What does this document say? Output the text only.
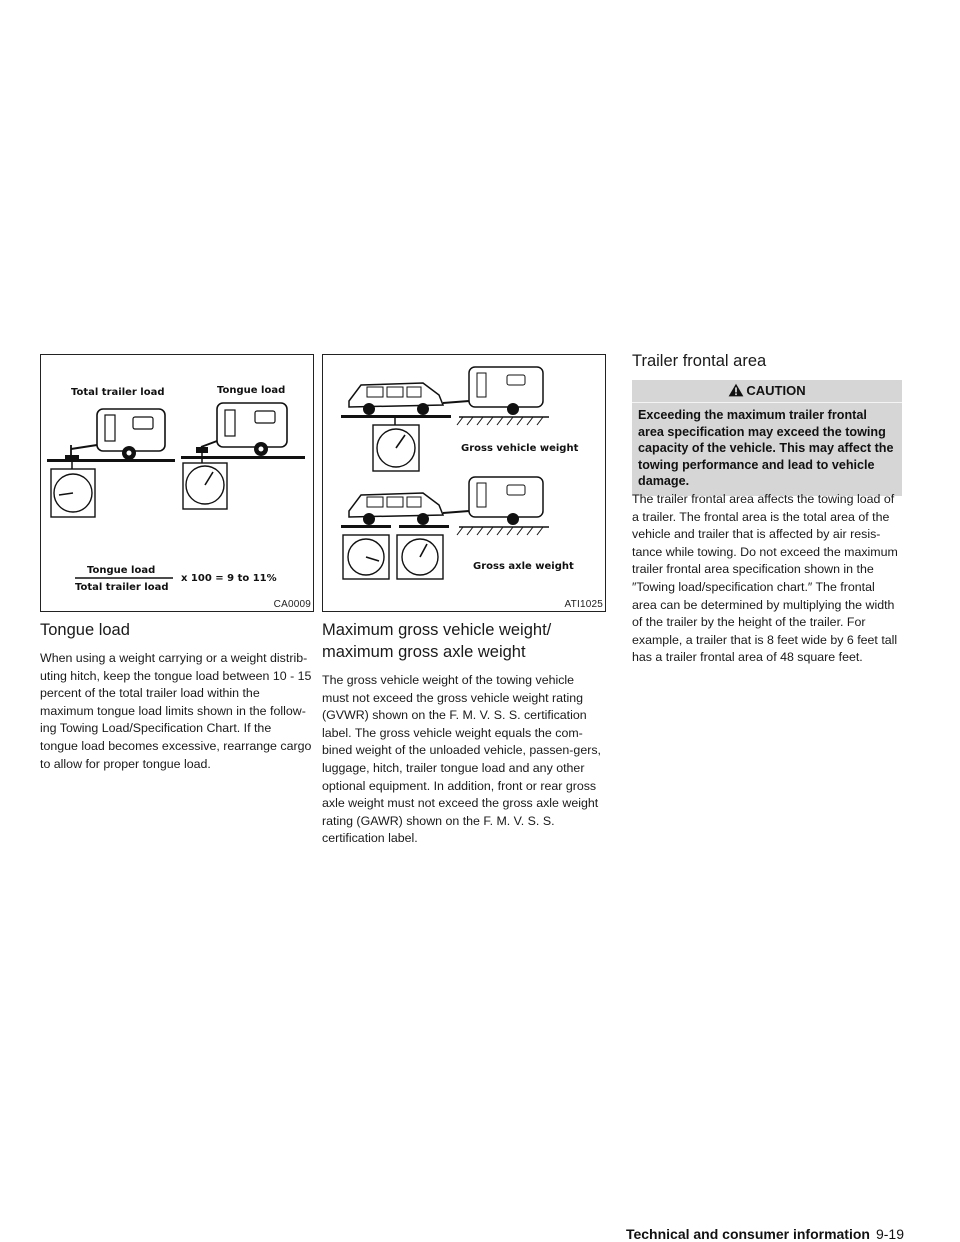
Total trailer load	Tongue load
Tongue load
Total trailer load
x 100 = 9 to 11%
CA0009
Gross vehicle weight
Gross axle weight
ATI1025
Tongue load

When using a weight carrying or a weight distrib-uting hitch, keep the tongue load between 10 - 15 percent of the total trailer load within the maximum tongue load limits shown in the follow-ing Towing Load/Specification Chart. If the tongue load becomes excessive, rearrange cargo to allow for proper tongue load.

Maximum gross vehicle weight/
maximum gross axle weight

The gross vehicle weight of the towing vehicle must not exceed the gross vehicle weight rating (GVWR) shown on the F. M. V. S. S. certification label. The gross vehicle weight equals the com-bined weight of the unloaded vehicle, passen-gers, luggage, hitch, trailer tongue load and any other optional equipment. In addition, front or rear gross axle weight must not exceed the gross axle weight rating (GAWR) shown on the F. M. V. S. S. certification label.

Trailer frontal area
CAUTION
Exceeding the maximum trailer frontal area specification may exceed the towing capacity of the vehicle. This may affect the towing performance and lead to vehicle damage.

The trailer frontal area affects the towing load of a trailer. The frontal area is the total area of the vehicle and trailer that is affected by air resis-tance while towing. Do not exceed the maximum trailer frontal area specification shown in the ″Towing load/specification chart.″ The frontal area can be determined by multiplying the width of the trailer by the height of the trailer. For example, a trailer that is 8 feet wide by 6 feet tall has a trailer frontal area of 48 square feet.

Technical and consumer information 9-19
